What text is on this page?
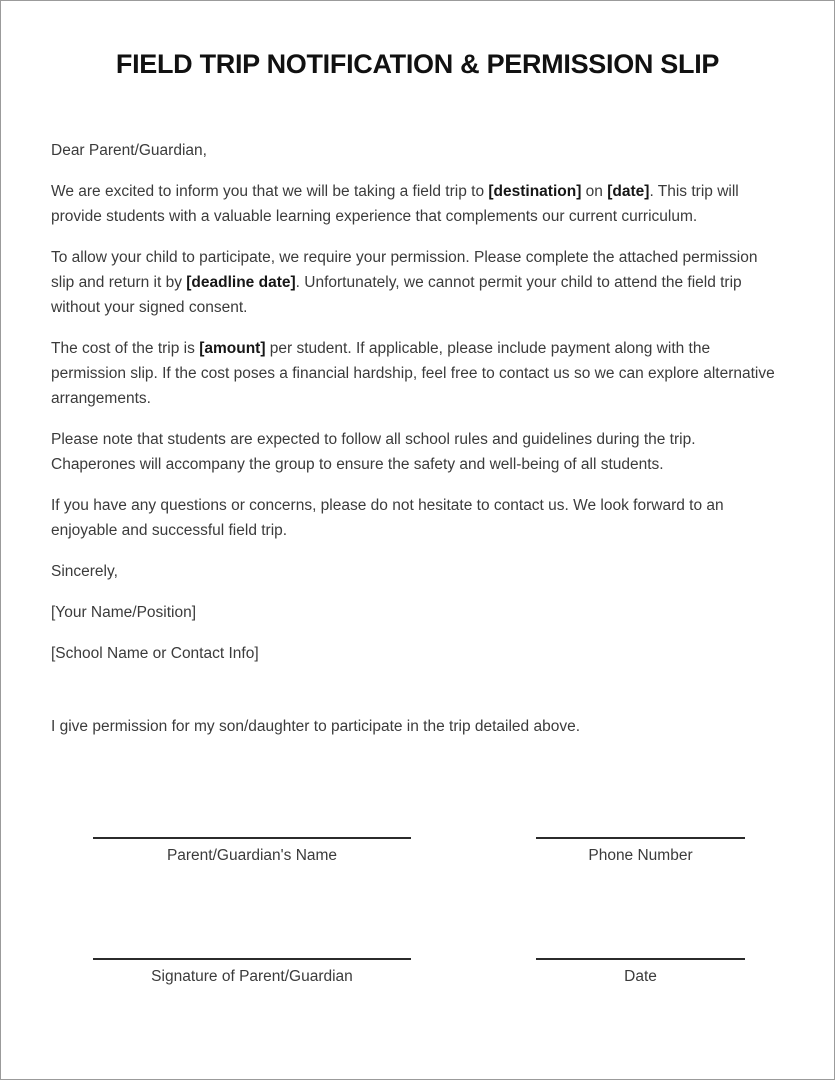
FIELD TRIP NOTIFICATION & PERMISSION SLIP

Dear Parent/Guardian,

We are excited to inform you that we will be taking a field trip to [destination] on [date]. This trip will provide students with a valuable learning experience that complements our current curriculum.

To allow your child to participate, we require your permission. Please complete the attached permission slip and return it by [deadline date]. Unfortunately, we cannot permit your child to attend the field trip without your signed consent.

The cost of the trip is [amount] per student. If applicable, please include payment along with the permission slip. If the cost poses a financial hardship, feel free to contact us so we can explore alternative arrangements.

Please note that students are expected to follow all school rules and guidelines during the trip. Chaperones will accompany the group to ensure the safety and well-being of all students.

If you have any questions or concerns, please do not hesitate to contact us. We look forward to an enjoyable and successful field trip.

Sincerely,

[Your Name/Position]

[School Name or Contact Info]

I give permission for my son/daughter to participate in the trip detailed above.

Parent/Guardian's Name	Phone Number
Signature of Parent/Guardian	Date
